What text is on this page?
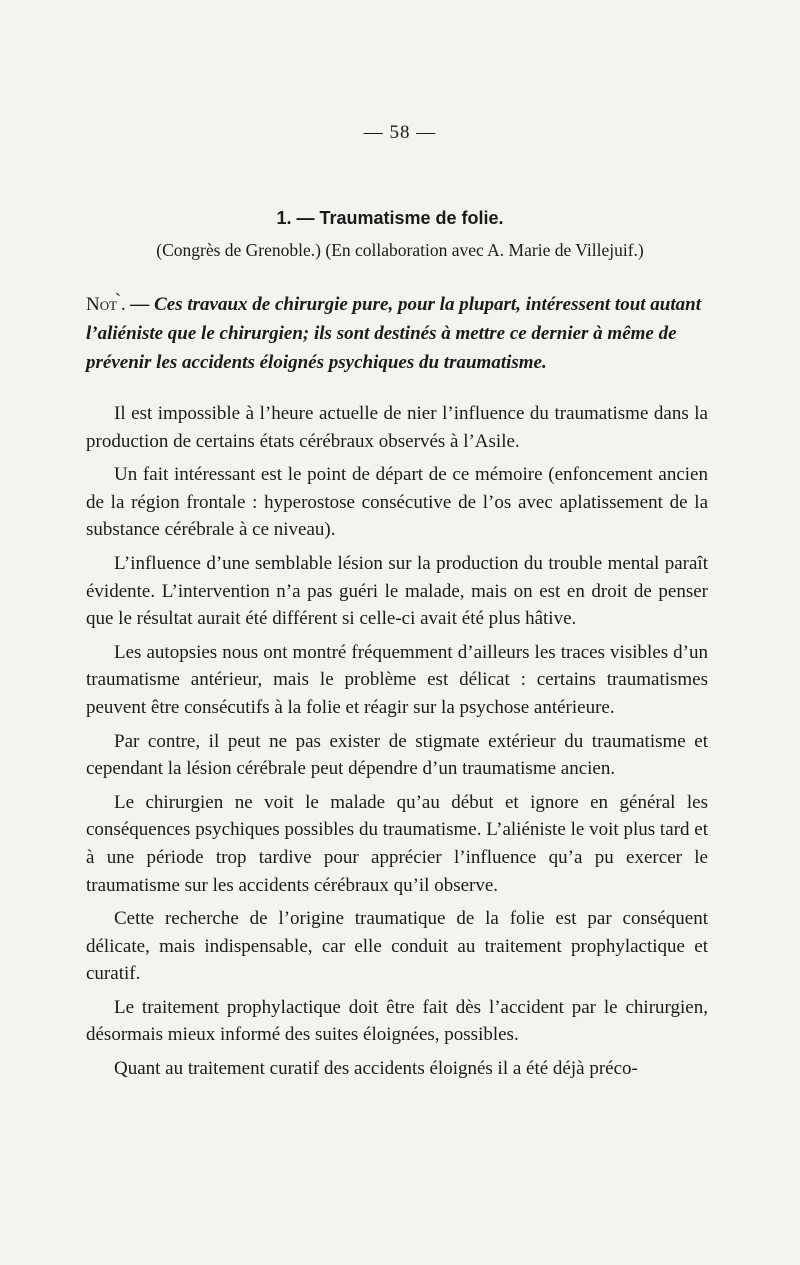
— 58 —
1. — Traumatisme de folie.
(Congrès de Grenoble.) (En collaboration avec A. Marie de Villejuif.)
Not ̀. — Ces travaux de chirurgie pure, pour la plupart, intéressent tout autant l’aliéniste que le chirurgien; ils sont destinés à mettre ce dernier à même de prévenir les accidents éloignés psychiques du traumatisme.

Il est impossible à l’heure actuelle de nier l’influence du traumatisme dans la production de certains états cérébraux observés à l’Asile.

Un fait intéressant est le point de départ de ce mémoire (enfoncement ancien de la région frontale : hyperostose consécutive de l’os avec aplatissement de la substance cérébrale à ce niveau).

L’influence d’une semblable lésion sur la production du trouble mental paraît évidente. L’intervention n’a pas guéri le malade, mais on est en droit de penser que le résultat aurait été différent si celle-ci avait été plus hâtive.

Les autopsies nous ont montré fréquemment d’ailleurs les traces visibles d’un traumatisme antérieur, mais le problème est délicat : certains traumatismes peuvent être consécutifs à la folie et réagir sur la psychose antérieure.

Par contre, il peut ne pas exister de stigmate extérieur du traumatisme et cependant la lésion cérébrale peut dépendre d’un traumatisme ancien.

Le chirurgien ne voit le malade qu’au début et ignore en général les conséquences psychiques possibles du traumatisme. L’aliéniste le voit plus tard et à une période trop tardive pour apprécier l’influence qu’a pu exercer le traumatisme sur les accidents cérébraux qu’il observe.

Cette recherche de l’origine traumatique de la folie est par conséquent délicate, mais indispensable, car elle conduit au traitement prophylactique et curatif.

Le traitement prophylactique doit être fait dès l’accident par le chirurgien, désormais mieux informé des suites éloignées, possibles.

Quant au traitement curatif des accidents éloignés il a été déjà préco-
